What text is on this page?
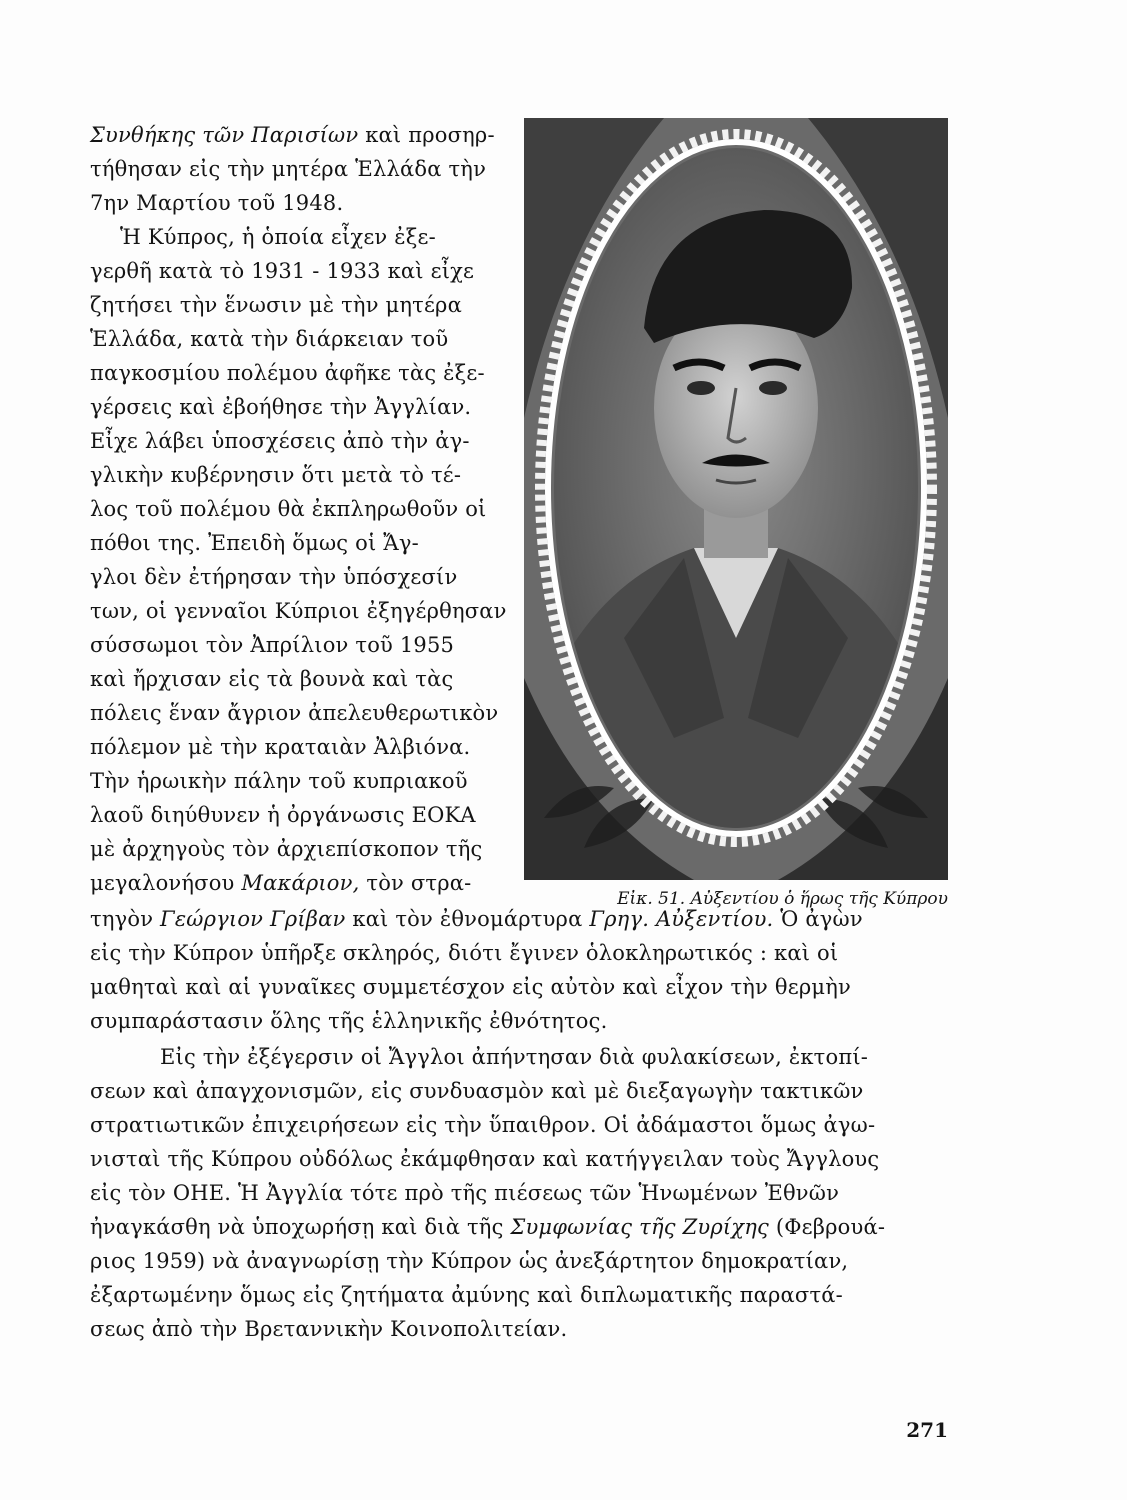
Συνθήκης τῶν Παρισίων καὶ προσηρ-
τήθησαν εἰς τὴν μητέρα Ἑλλάδα τὴν
7ην Μαρτίου τοῦ 1948.
Ἡ Κύπρος, ἡ ὁποία εἶχεν ἐξε-
γερθῆ κατὰ τὸ 1931 - 1933 καὶ εἶχε
ζητήσει τὴν ἕνωσιν μὲ τὴν μητέρα
Ἑλλάδα, κατὰ τὴν διάρκειαν τοῦ
παγκοσμίου πολέμου ἀφῆκε τὰς ἐξε-
γέρσεις καὶ ἐβοήθησε τὴν Ἀγγλίαν.
Εἶχε λάβει ὑποσχέσεις ἀπὸ τὴν ἀγ-
γλικὴν κυβέρνησιν ὅτι μετὰ τὸ τέ-
λος τοῦ πολέμου θὰ ἐκπληρωθοῦν οἱ
πόθοι της. Ἐπειδὴ ὅμως οἱ Ἄγ-
γλοι δὲν ἐτήρησαν τὴν ὑπόσχεσίν
των, οἱ γενναῖοι Κύπριοι ἐξηγέρθησαν
σύσσωμοι τὸν Ἀπρίλιον τοῦ 1955
καὶ ἤρχισαν εἰς τὰ βουνὰ καὶ τὰς
πόλεις ἕναν ἄγριον ἀπελευθερωτικὸν
πόλεμον μὲ τὴν κραταιὰν Ἀλβιόνα.
Τὴν ἡρωικὴν πάλην τοῦ κυπριακοῦ
λαοῦ διηύθυνεν ἡ ὀργάνωσις ΕΟΚΑ
μὲ ἀρχηγοὺς τὸν ἀρχιεπίσκοπον τῆς
μεγαλονήσου Μακάριον, τὸν στρα-
τηγὸν Γεώργιον Γρίβαν καὶ τὸν ἐθνομάρτυρα Γρηγ. Αὐξεντίου. Ὁ ἀγὼν
εἰς τὴν Κύπρον ὑπῆρξε σκληρός, διότι ἔγινεν ὁλοκληρωτικός : καὶ οἱ
μαθηταὶ καὶ αἱ γυναῖκες συμμετέσχον εἰς αὐτὸν καὶ εἶχον τὴν θερμὴν
συμπαράστασιν ὅλης τῆς ἑλληνικῆς ἐθνότητος.
Εἰς τὴν ἐξέγερσιν οἱ Ἄγγλοι ἀπήντησαν διὰ φυλακίσεων, ἐκτοπί-
σεων καὶ ἀπαγχονισμῶν, εἰς συνδυασμὸν καὶ μὲ διεξαγωγὴν τακτικῶν
στρατιωτικῶν ἐπιχειρήσεων εἰς τὴν ὕπαιθρον. Οἱ ἀδάμαστοι ὅμως ἀγω-
νισταὶ τῆς Κύπρου οὐδόλως ἐκάμφθησαν καὶ κατήγγειλαν τοὺς Ἄγγλους
εἰς τὸν ΟΗΕ. Ἡ Ἀγγλία τότε πρὸ τῆς πιέσεως τῶν Ἡνωμένων Ἐθνῶν
ἠναγκάσθη νὰ ὑποχωρήσῃ καὶ διὰ τῆς Συμφωνίας τῆς Ζυρίχης (Φεβρουά-
ριος 1959) νὰ ἀναγνωρίσῃ τὴν Κύπρον ὡς ἀνεξάρτητον δημοκρατίαν,
ἐξαρτωμένην ὅμως εἰς ζητήματα ἀμύνης καὶ διπλωματικῆς παραστά-
σεως ἀπὸ τὴν Βρεταννικὴν Κοινοπολιτείαν.
Εἰκ. 51. Αὐξεντίου ὁ ἥρως τῆς Κύπρου
271
